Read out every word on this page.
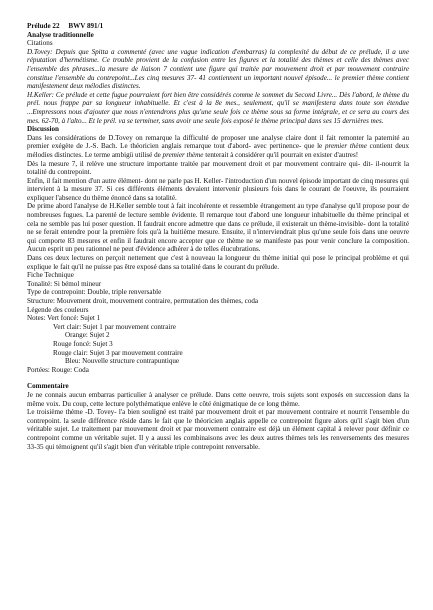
Prélude 22     BWV 891/1

Analyse traditionnelle

Citations

D.Tovey: Depuis que Spitta a commenté (avec une vague indication d'embarras) la complexité du début de ce prélude, il a une réputation d'hermétisme. Ce trouble provient de la confusion entre les figures et la totalité des thèmes et celle des thèmes avec l'ensemble des phrases...la mesure de liaison 7 contient une figure qui traitée par mouvement droit et par mouvement contraire constitue l'ensemble du contrepoint...Les cinq mesures 37- 41 contiennent un important nouvel épisode... le premier thème contient manifestement deux mélodies distinctes.

H.Keller: Ce prélude et cette fugue pourraient fort bien être considérés comme le sommet du Second Livre... Dès l'abord, le thème du prél. nous frappe par sa longueur inhabituelle. Et c'est à la 8e mes., seulement, qu'il se manifestera dans toute son étendue ...Empressons nous d'ajouter que nous n'entendrons plus qu'une seule fois ce thème sous sa forme intégrale, et ce sera au cours des mes. 62-70, à l'alto... Et le prél. va se terminer, sans avoir une seule fois exposé le thème principal dans ses 15 dernières mes.

Discussion

Dans les considérations de D.Tovey on remarque la difficulté de proposer une analyse claire dont il fait remonter la paternité au premier exégète de J.-S. Bach. Le théoricien anglais remarque tout d'abord- avec pertinence- que le premier thème contient deux mélodies distinctes. Le terme ambigü utilisé de premier thème tenterait à considérer qu'il pourrait en exister d'autres!

Dès la mesure 7, il relève une structure importante traitée par mouvement droit et par mouvement contraire qui- dit- il-nourrit la totalité du contrepoint.

Enfin, il fait mention d'un autre élément- dont ne parle pas H. Keller- l'introduction d'un nouvel épisode important de cinq mesures qui intervient à la mesure 37. Si ces différents éléments devaient intervenir plusieurs fois dans le courant de l'oeuvre, ils pourraient expliquer l'absence du thème énoncé dans sa totalité.

De prime abord l'analyse de H.Keller semble tout à fait incohérente et ressemble étrangement au type d'analyse qu'il propose pour de nombreuses fugues. La parenté de lecture semble évidente. Il remarque tout d'abord une longueur inhabituelle du thème principal et cela ne semble pas lui poser question. Il faudrait encore admettre que dans ce prélude, il existerait un thème-invisible- dont la totalité ne se ferait entendre pour la première fois qu'à la huitième mesure. Ensuite, il n'interviendrait plus qu'une seule fois dans une oeuvre qui comporte 83 mesures et enfin il faudrait encore accepter que ce thème ne se manifeste pas pour venir conclure la composition. Aucun esprit un peu rationnel ne peut d'évidence adhérer à de telles élucubrations.

Dans ces deux lectures on perçoit nettement que c'est à nouveau la longueur du thème initial qui pose le principal problème et qui explique le fait qu'il ne puisse pas être exposé dans sa totalité dans le courant du prélude.

Fiche Technique

Tonalité: Si bémol mineur

Type de contrepoint: Double, triple renversable

Structure: Mouvement droit, mouvement contraire, permutation des thèmes, coda

Légende des couleurs

Notes: Vert foncé: Sujet 1

Vert clair: Sujet 1 par mouvement contraire

Orange: Sujet 2

Rouge foncé: Sujet 3

Rouge clair: Sujet 3 par mouvement contraire

Bleu: Nouvelle structure contrapuntique

Portées: Rouge: Coda

Commentaire

Je ne connais aucun embarras particulier à analyser ce prélude. Dans cette oeuvre, trois sujets sont exposés en succession dans la même voix. Du coup, cette lecture polythématique enlève le côté énigmatique de ce long thème.

Le troisième thème -D. Tovey- l'a bien souligné est traité par mouvement droit et par mouvement contraire et nourrit l'ensemble du contrepoint. la seule différence réside dans le fait que le théoricien anglais appelle ce contrepoint figure alors qu'il s'agit bien d'un véritable sujet. Le traitement par mouvement droit et par mouvement contraire est déjà un élément capital à relever pour définir ce contrepoint comme un véritable sujet. Il y a aussi les combinaisons avec les deux autres thèmes tels les renversements des mesures 33-35 qui témoignent qu'il s'agit bien d'un véritable triple contrepoint renversable.
